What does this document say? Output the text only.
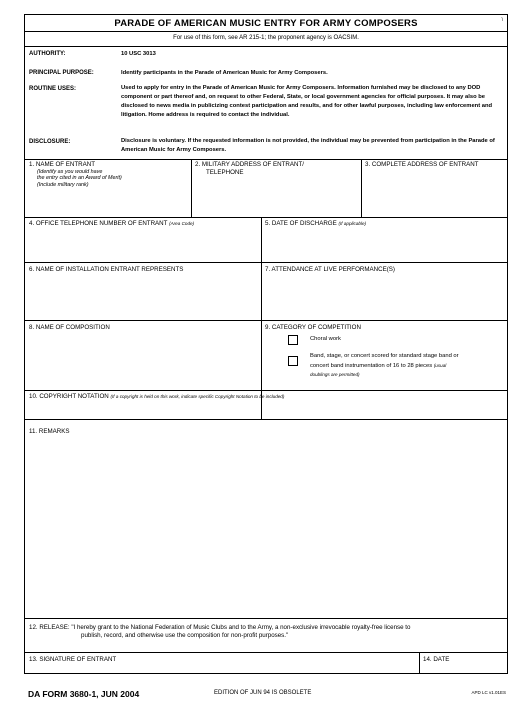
PARADE OF AMERICAN MUSIC ENTRY FOR ARMY COMPOSERS	\
For use of this form, see AR 215-1; the proponent agency is OACSIM.
AUTHORITY:	10 USC 3013
PRINCIPAL PURPOSE:	Identify participants in the Parade of American Music for Army Composers.
ROUTINE USES:	Used to apply for entry in the Parade of American Music for Army Composers. Information furnished may be disclosed to any DOD component or part thereof and, on request to other Federal, State, or local government agencies for official purposes. It may also be disclosed to news media in publicizing contest participation and results, and for other lawful purposes, including law enforcement and litigation. Home address is required to contact the individual.
DISCLOSURE:	Disclosure is voluntary. If the requested information is not provided, the individual may be prevented from participation in the Parade of American Music for Army Composers.
1. NAME OF ENTRANT
(Identify as you would have
the entry cited in an Award of Merit)
(Include military rank)
2. MILITARY ADDRESS OF ENTRANT/
TELEPHONE
3. COMPLETE ADDRESS OF ENTRANT
4. OFFICE TELEPHONE NUMBER OF ENTRANT (Area Code)	5. DATE OF DISCHARGE (If applicable)
6. NAME OF INSTALLATION ENTRANT REPRESENTS	7. ATTENDANCE AT LIVE PERFORMANCE(S)
8. NAME OF COMPOSITION	9. CATEGORY OF COMPETITION
Choral work
Band, stage, or concert scored for standard stage band or
concert band instrumentation of 16 to 28 pieces (usual
doublings are permitted)
10. COPYRIGHT NOTATION (If a copyright is held on this work, indicate specific Copyright Notation to be included)
11. REMARKS
12. RELEASE: "I hereby grant to the National Federation of Music Clubs and to the Army, a non-exclusive irrevocable royalty-free license to
publish, record, and otherwise use the composition for non-profit purposes."
13. SIGNATURE OF ENTRANT	14. DATE
DA FORM 3680-1, JUN 2004	EDITION OF JUN 94 IS OBSOLETE	APD LC v1.01ES
